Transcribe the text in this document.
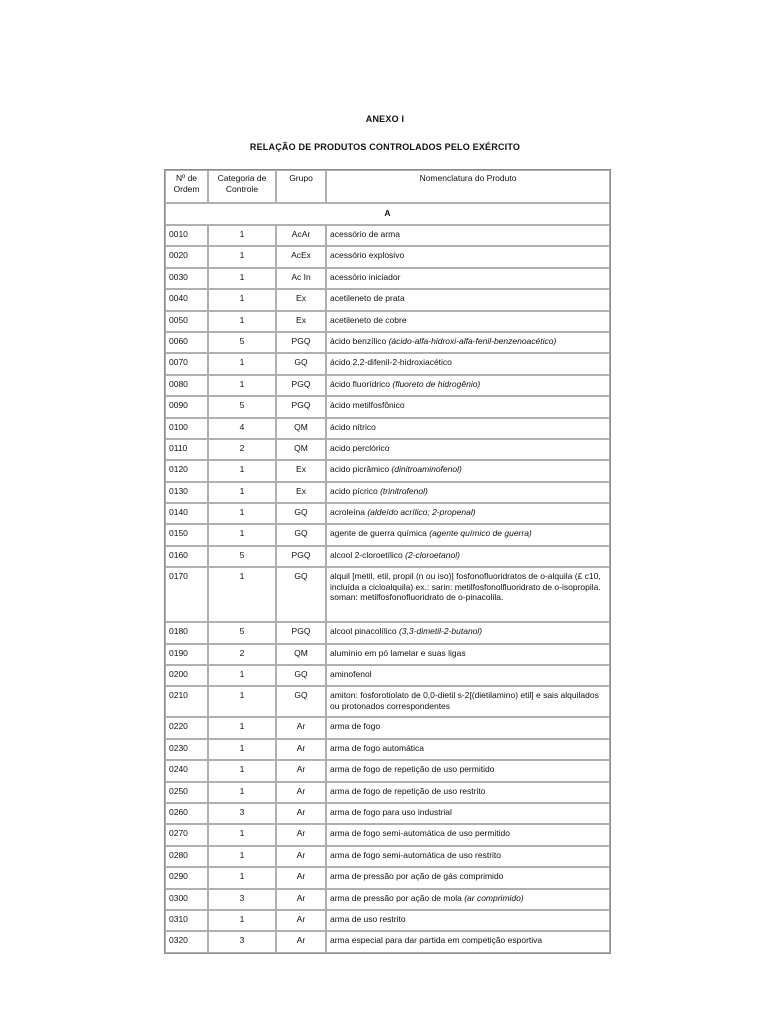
ANEXO I
RELAÇÃO DE PRODUTOS CONTROLADOS PELO EXÉRCITO
Nº de Ordem	Categoria de Controle	Grupo	Nomenclatura do Produto
A			
0010	1	AcAr	acessório de arma
0020	1	AcEx	acessório explosivo
0030	1	Ac In	acessório iniciador
0040	1	Ex	acetileneto de prata
0050	1	Ex	acetileneto de cobre
0060	5	PGQ	ácido benzílico (ácido-alfa-hidroxi-alfa-fenil-benzenoacético)
0070	1	GQ	ácido 2,2-difenil-2-hidroxiacético
0080	1	PGQ	ácido fluorídrico (fluoreto de hidrogênio)
0090	5	PGQ	ácido metilfosfônico
0100	4	QM	ácido nítrico
0110	2	QM	acido perclórico
0120	1	Ex	acido picrâmico (dinitroaminofenol)
0130	1	Ex	acido pícrico (trinitrofenol)
0140	1	GQ	acroleína (aldeído acrílico; 2-propenal)
0150	1	GQ	agente de guerra química (agente químico de guerra)
0160	5	PGQ	alcool 2-cloroetílico (2-cloroetanol)
0170	1	GQ	alquil [metil, etil, propil (n ou iso)] fosfonofluoridratos de o-alquila (£ c10, incluída a cicloalquila) ex.: sarin: metilfosfonolfluoridrato de o-isopropila. soman: metilfosfonofluoridrato de o-pinacolila.
0180	5	PGQ	alcool pinacolílico (3,3-dimetil-2-butanol)
0190	2	QM	alumínio em pó lamelar e suas ligas
0200	1	GQ	aminofenol
0210	1	GQ	amiton: fosforotiolato de 0,0-dietil s-2[(dietilamino) etil] e sais alquilados ou protonados correspondentes
0220	1	Ar	arma de fogo
0230	1	Ar	arma de fogo automática
0240	1	Ar	arma de fogo de repetição de uso permitido
0250	1	Ar	arma de fogo de repetição de uso restrito
0260	3	Ar	arma de fogo para uso industrial
0270	1	Ar	arma de fogo semi-automática de uso permitido
0280	1	Ar	arma de fogo semi-automática de uso restrito
0290	1	Ar	arma de pressão por ação de gás comprimido
0300	3	Ar	arma de pressão por ação de mola (ar comprimido)
0310	1	Ar	arma de uso restrito
0320	3	Ar	arma especial para dar partida em competição esportiva
